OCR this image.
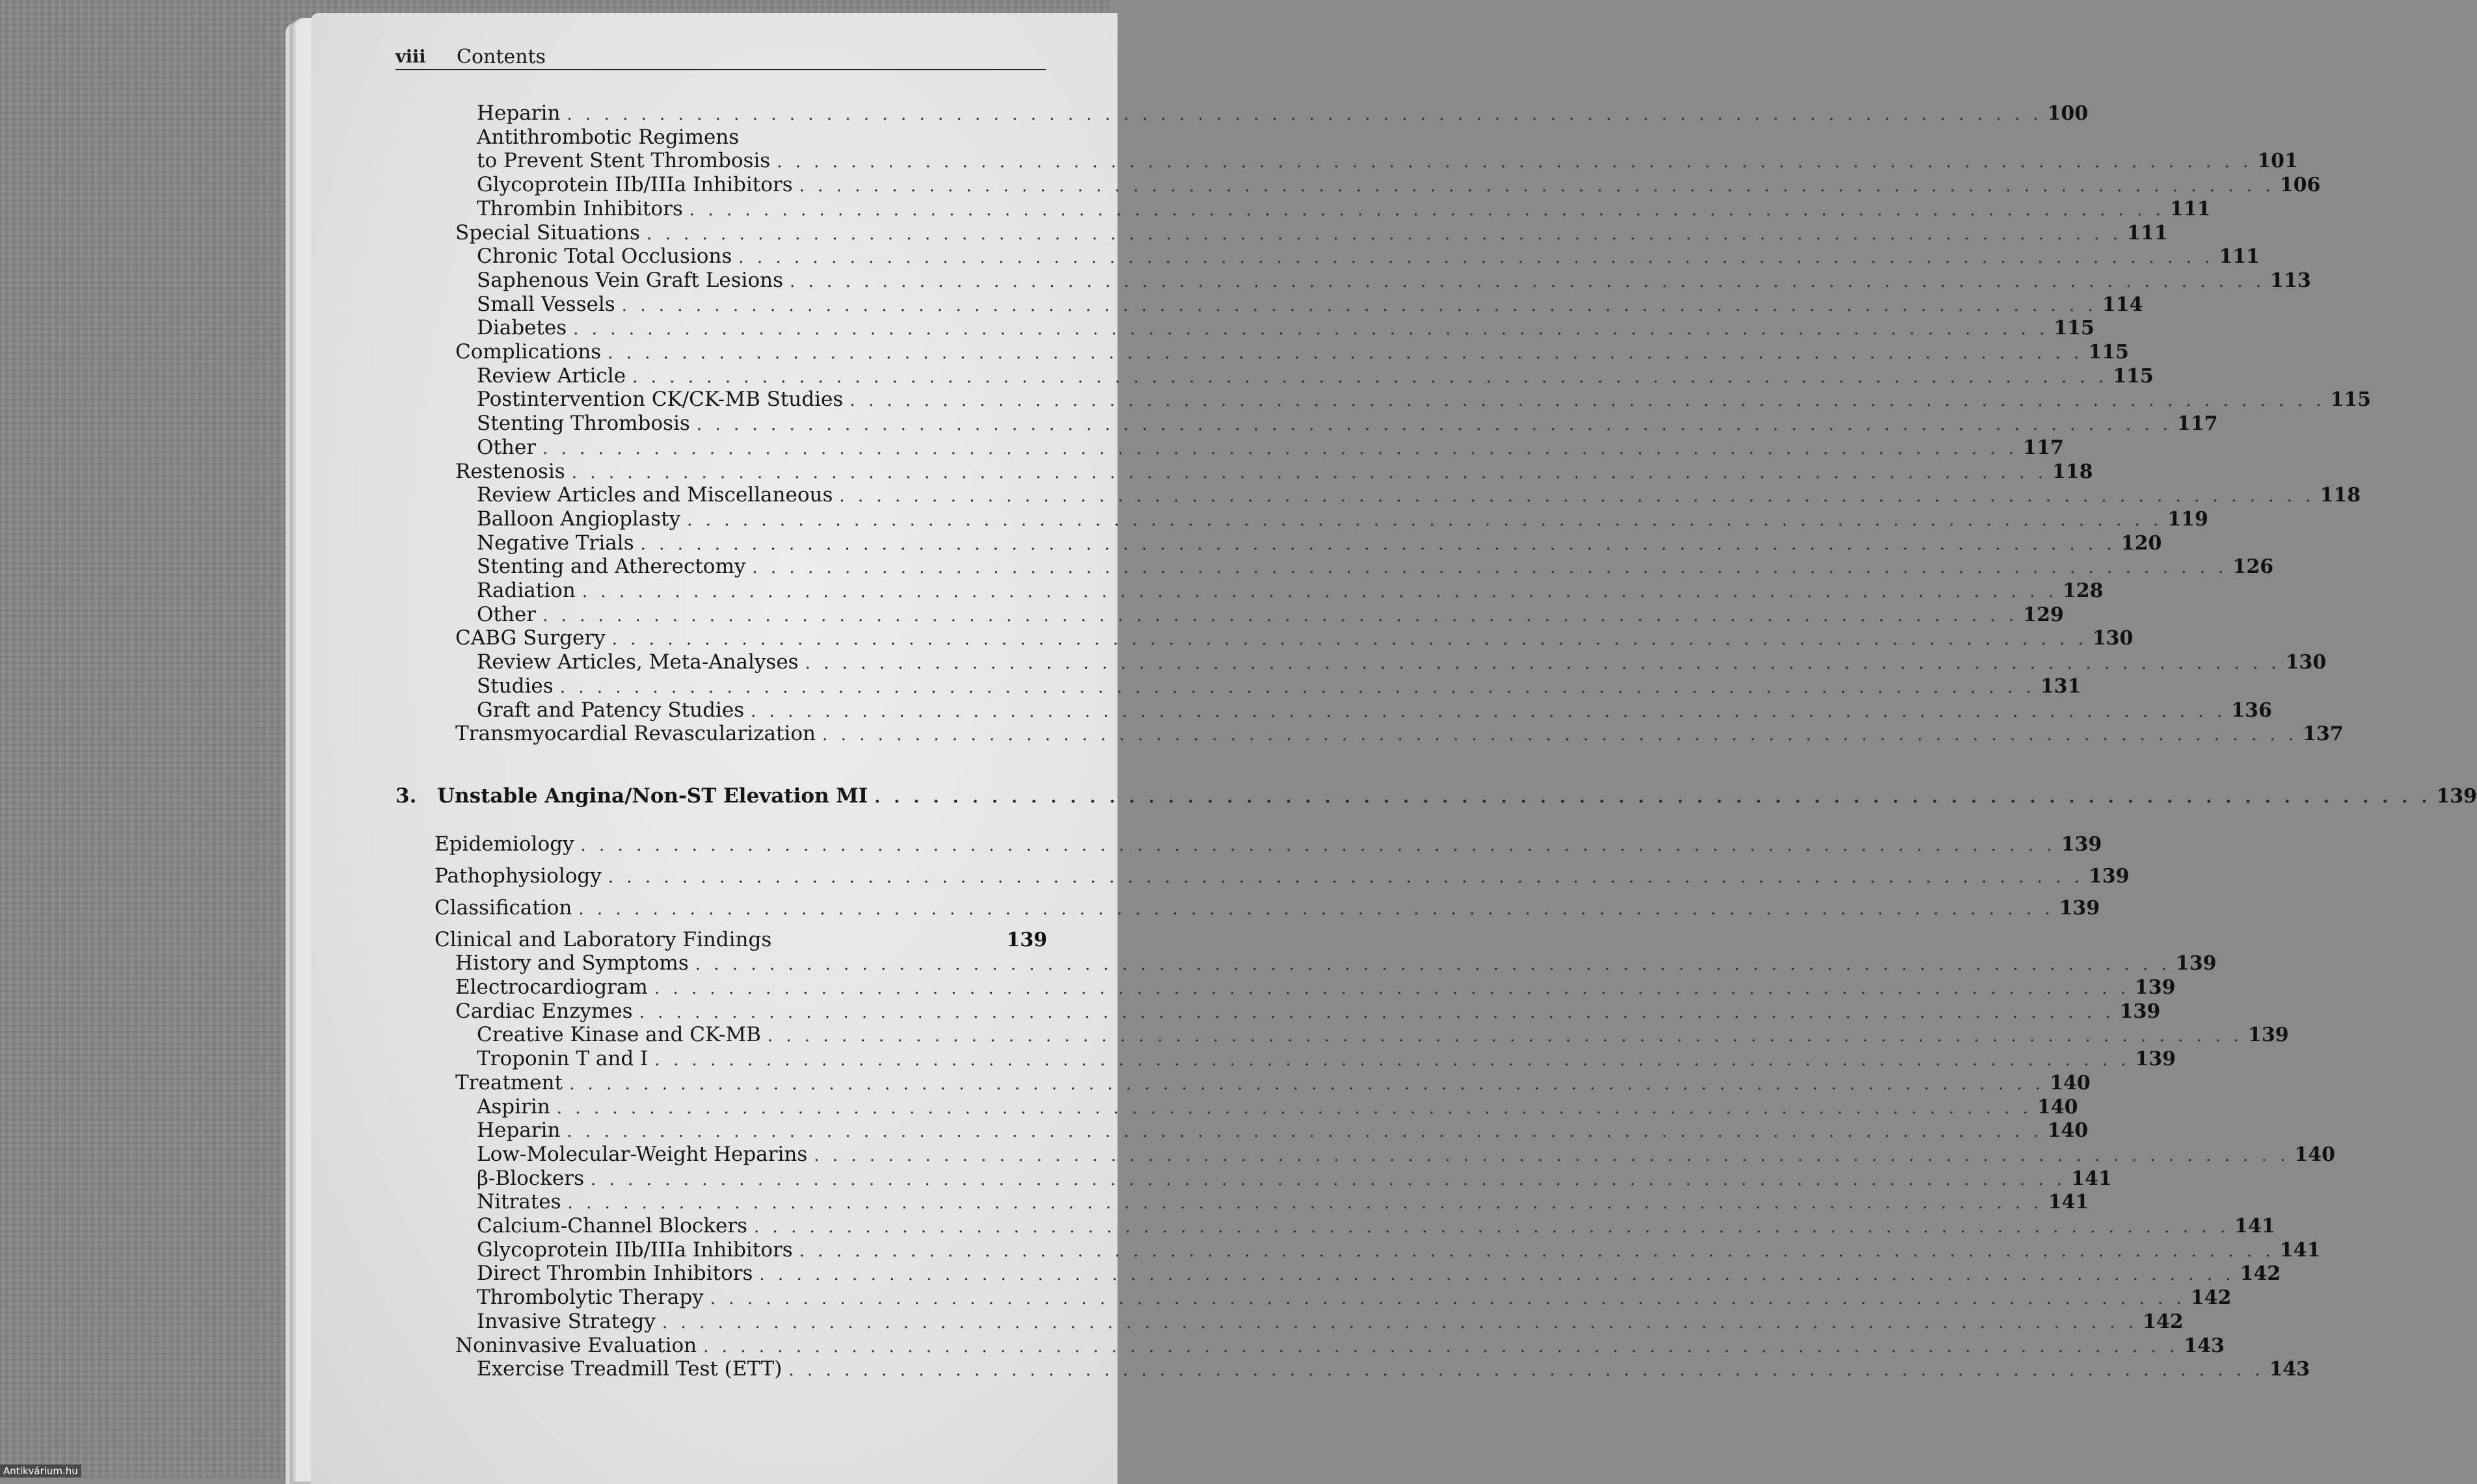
viii Contents
Heparin . . . . . . . . . . . . . . . . . . . . . . . . . . . . . . . . . . . . . . . . . . . . . . . . . . . . . . . . . . . . . . . . . . . . . . . . . . . . . . . . 100
Antithrombotic Regimens
to Prevent Stent Thrombosis . . . . . . . . . . . . . . . . . . . . . . . . . . . . . . . . . . . . . . . . . . . . . . . . . . . . . . . . . . . . . . . . . . . . . . . . . . . . . . . . 101
Glycoprotein IIb/IIIa Inhibitors . . . . . . . . . . . . . . . . . . . . . . . . . . . . . . . . . . . . . . . . . . . . . . . . . . . . . . . . . . . . . . . . . . . . . . . . . . . . . . . . 106
Thrombin Inhibitors . . . . . . . . . . . . . . . . . . . . . . . . . . . . . . . . . . . . . . . . . . . . . . . . . . . . . . . . . . . . . . . . . . . . . . . . . . . . . . . . 111
Special Situations . . . . . . . . . . . . . . . . . . . . . . . . . . . . . . . . . . . . . . . . . . . . . . . . . . . . . . . . . . . . . . . . . . . . . . . . . . . . . . . . 111
Chronic Total Occlusions . . . . . . . . . . . . . . . . . . . . . . . . . . . . . . . . . . . . . . . . . . . . . . . . . . . . . . . . . . . . . . . . . . . . . . . . . . . . . . . . 111
Saphenous Vein Graft Lesions . . . . . . . . . . . . . . . . . . . . . . . . . . . . . . . . . . . . . . . . . . . . . . . . . . . . . . . . . . . . . . . . . . . . . . . . . . . . . . . . 113
Small Vessels . . . . . . . . . . . . . . . . . . . . . . . . . . . . . . . . . . . . . . . . . . . . . . . . . . . . . . . . . . . . . . . . . . . . . . . . . . . . . . . . 114
Diabetes . . . . . . . . . . . . . . . . . . . . . . . . . . . . . . . . . . . . . . . . . . . . . . . . . . . . . . . . . . . . . . . . . . . . . . . . . . . . . . . . 115
Complications . . . . . . . . . . . . . . . . . . . . . . . . . . . . . . . . . . . . . . . . . . . . . . . . . . . . . . . . . . . . . . . . . . . . . . . . . . . . . . . . 115
Review Article . . . . . . . . . . . . . . . . . . . . . . . . . . . . . . . . . . . . . . . . . . . . . . . . . . . . . . . . . . . . . . . . . . . . . . . . . . . . . . . . 115
Postintervention CK/CK-MB Studies . . . . . . . . . . . . . . . . . . . . . . . . . . . . . . . . . . . . . . . . . . . . . . . . . . . . . . . . . . . . . . . . . . . . . . . . . . . . . . . . 115
Stenting Thrombosis . . . . . . . . . . . . . . . . . . . . . . . . . . . . . . . . . . . . . . . . . . . . . . . . . . . . . . . . . . . . . . . . . . . . . . . . . . . . . . . . 117
Other . . . . . . . . . . . . . . . . . . . . . . . . . . . . . . . . . . . . . . . . . . . . . . . . . . . . . . . . . . . . . . . . . . . . . . . . . . . . . . . . 117
Restenosis . . . . . . . . . . . . . . . . . . . . . . . . . . . . . . . . . . . . . . . . . . . . . . . . . . . . . . . . . . . . . . . . . . . . . . . . . . . . . . . . 118
Review Articles and Miscellaneous . . . . . . . . . . . . . . . . . . . . . . . . . . . . . . . . . . . . . . . . . . . . . . . . . . . . . . . . . . . . . . . . . . . . . . . . . . . . . . . . 118
Balloon Angioplasty . . . . . . . . . . . . . . . . . . . . . . . . . . . . . . . . . . . . . . . . . . . . . . . . . . . . . . . . . . . . . . . . . . . . . . . . . . . . . . . . 119
Negative Trials . . . . . . . . . . . . . . . . . . . . . . . . . . . . . . . . . . . . . . . . . . . . . . . . . . . . . . . . . . . . . . . . . . . . . . . . . . . . . . . . 120
Stenting and Atherectomy . . . . . . . . . . . . . . . . . . . . . . . . . . . . . . . . . . . . . . . . . . . . . . . . . . . . . . . . . . . . . . . . . . . . . . . . . . . . . . . . 126
Radiation . . . . . . . . . . . . . . . . . . . . . . . . . . . . . . . . . . . . . . . . . . . . . . . . . . . . . . . . . . . . . . . . . . . . . . . . . . . . . . . . 128
Other . . . . . . . . . . . . . . . . . . . . . . . . . . . . . . . . . . . . . . . . . . . . . . . . . . . . . . . . . . . . . . . . . . . . . . . . . . . . . . . . 129
CABG Surgery . . . . . . . . . . . . . . . . . . . . . . . . . . . . . . . . . . . . . . . . . . . . . . . . . . . . . . . . . . . . . . . . . . . . . . . . . . . . . . . . 130
Review Articles, Meta-Analyses . . . . . . . . . . . . . . . . . . . . . . . . . . . . . . . . . . . . . . . . . . . . . . . . . . . . . . . . . . . . . . . . . . . . . . . . . . . . . . . . 130
Studies . . . . . . . . . . . . . . . . . . . . . . . . . . . . . . . . . . . . . . . . . . . . . . . . . . . . . . . . . . . . . . . . . . . . . . . . . . . . . . . . 131
Graft and Patency Studies . . . . . . . . . . . . . . . . . . . . . . . . . . . . . . . . . . . . . . . . . . . . . . . . . . . . . . . . . . . . . . . . . . . . . . . . . . . . . . . . 136
Transmyocardial Revascularization . . . . . . . . . . . . . . . . . . . . . . . . . . . . . . . . . . . . . . . . . . . . . . . . . . . . . . . . . . . . . . . . . . . . . . . . . . . . . . . . 137
3. Unstable Angina/Non-ST Elevation MI . . . . . . . . . . . . . . . . . . . . . . . . . . . . . . . . . . . . . . . . . . . . . . . . . . . . . . . . . . . . . . . . . . . . . . . . . . . . . . . . 139
Epidemiology . . . . . . . . . . . . . . . . . . . . . . . . . . . . . . . . . . . . . . . . . . . . . . . . . . . . . . . . . . . . . . . . . . . . . . . . . . . . . . . . 139
Pathophysiology . . . . . . . . . . . . . . . . . . . . . . . . . . . . . . . . . . . . . . . . . . . . . . . . . . . . . . . . . . . . . . . . . . . . . . . . . . . . . . . . 139
Classification . . . . . . . . . . . . . . . . . . . . . . . . . . . . . . . . . . . . . . . . . . . . . . . . . . . . . . . . . . . . . . . . . . . . . . . . . . . . . . . . 139
Clinical and Laboratory Findings	139
History and Symptoms . . . . . . . . . . . . . . . . . . . . . . . . . . . . . . . . . . . . . . . . . . . . . . . . . . . . . . . . . . . . . . . . . . . . . . . . . . . . . . . . 139
Electrocardiogram . . . . . . . . . . . . . . . . . . . . . . . . . . . . . . . . . . . . . . . . . . . . . . . . . . . . . . . . . . . . . . . . . . . . . . . . . . . . . . . . 139
Cardiac Enzymes . . . . . . . . . . . . . . . . . . . . . . . . . . . . . . . . . . . . . . . . . . . . . . . . . . . . . . . . . . . . . . . . . . . . . . . . . . . . . . . . 139
Creative Kinase and CK-MB . . . . . . . . . . . . . . . . . . . . . . . . . . . . . . . . . . . . . . . . . . . . . . . . . . . . . . . . . . . . . . . . . . . . . . . . . . . . . . . . 139
Troponin T and I . . . . . . . . . . . . . . . . . . . . . . . . . . . . . . . . . . . . . . . . . . . . . . . . . . . . . . . . . . . . . . . . . . . . . . . . . . . . . . . . 139
Treatment . . . . . . . . . . . . . . . . . . . . . . . . . . . . . . . . . . . . . . . . . . . . . . . . . . . . . . . . . . . . . . . . . . . . . . . . . . . . . . . . 140
Aspirin . . . . . . . . . . . . . . . . . . . . . . . . . . . . . . . . . . . . . . . . . . . . . . . . . . . . . . . . . . . . . . . . . . . . . . . . . . . . . . . . 140
Heparin . . . . . . . . . . . . . . . . . . . . . . . . . . . . . . . . . . . . . . . . . . . . . . . . . . . . . . . . . . . . . . . . . . . . . . . . . . . . . . . . 140
Low-Molecular-Weight Heparins . . . . . . . . . . . . . . . . . . . . . . . . . . . . . . . . . . . . . . . . . . . . . . . . . . . . . . . . . . . . . . . . . . . . . . . . . . . . . . . . 140
β-Blockers . . . . . . . . . . . . . . . . . . . . . . . . . . . . . . . . . . . . . . . . . . . . . . . . . . . . . . . . . . . . . . . . . . . . . . . . . . . . . . . . 141
Nitrates . . . . . . . . . . . . . . . . . . . . . . . . . . . . . . . . . . . . . . . . . . . . . . . . . . . . . . . . . . . . . . . . . . . . . . . . . . . . . . . . 141
Calcium-Channel Blockers . . . . . . . . . . . . . . . . . . . . . . . . . . . . . . . . . . . . . . . . . . . . . . . . . . . . . . . . . . . . . . . . . . . . . . . . . . . . . . . . 141
Glycoprotein IIb/IIIa Inhibitors . . . . . . . . . . . . . . . . . . . . . . . . . . . . . . . . . . . . . . . . . . . . . . . . . . . . . . . . . . . . . . . . . . . . . . . . . . . . . . . . 141
Direct Thrombin Inhibitors . . . . . . . . . . . . . . . . . . . . . . . . . . . . . . . . . . . . . . . . . . . . . . . . . . . . . . . . . . . . . . . . . . . . . . . . . . . . . . . . 142
Thrombolytic Therapy . . . . . . . . . . . . . . . . . . . . . . . . . . . . . . . . . . . . . . . . . . . . . . . . . . . . . . . . . . . . . . . . . . . . . . . . . . . . . . . . 142
Invasive Strategy . . . . . . . . . . . . . . . . . . . . . . . . . . . . . . . . . . . . . . . . . . . . . . . . . . . . . . . . . . . . . . . . . . . . . . . . . . . . . . . . 142
Noninvasive Evaluation . . . . . . . . . . . . . . . . . . . . . . . . . . . . . . . . . . . . . . . . . . . . . . . . . . . . . . . . . . . . . . . . . . . . . . . . . . . . . . . . 143
Exercise Treadmill Test (ETT) . . . . . . . . . . . . . . . . . . . . . . . . . . . . . . . . . . . . . . . . . . . . . . . . . . . . . . . . . . . . . . . . . . . . . . . . . . . . . . . . 143
Antikvárium.hu
